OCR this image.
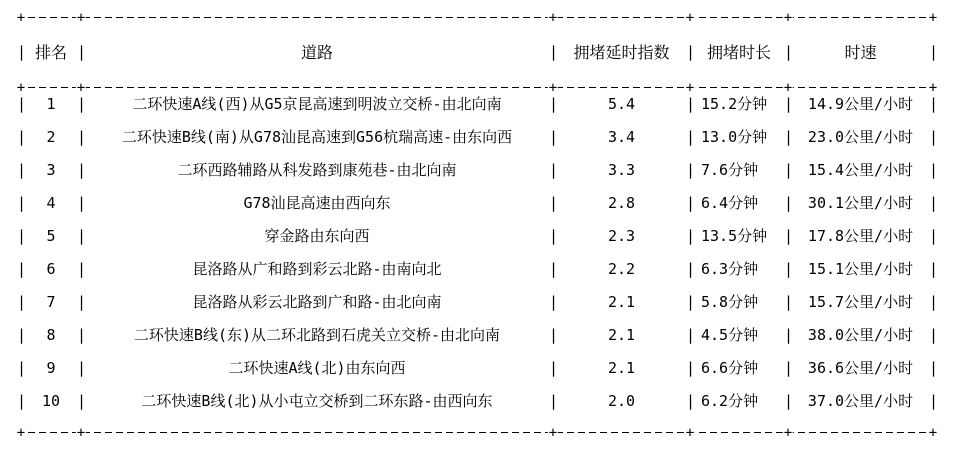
+	+	+	+	+	+
| 排名 |	道路	| 拥堵延时指数	| 拥堵时长 |	时速	|
+	+	+	+	+	+
|	1	|	二环快速A线(西)从G5京昆高速到明波立交桥-由北向南	|	5.4	| 15.2分钟	| 14.9公里/小时	|
|	2	|	二环快速B线(南)从G78汕昆高速到G56杭瑞高速-由东向西	|	3.4	| 13.0分钟	| 23.0公里/小时	|
|	3	|	二环西路辅路从科发路到康苑巷-由北向南	|	3.3	| 7.6分钟	| 15.4公里/小时	|
|	4	|	G78汕昆高速由西向东	|	2.8	| 6.4分钟	| 30.1公里/小时	|
|	5	|	穿金路由东向西	|	2.3	| 13.5分钟	| 17.8公里/小时	|
|	6	|	昆洛路从广和路到彩云北路-由南向北	|	2.2	| 6.3分钟	| 15.1公里/小时	|
|	7	|	昆洛路从彩云北路到广和路-由北向南	|	2.1	| 5.8分钟	| 15.7公里/小时	|
|	8	|	二环快速B线(东)从二环北路到石虎关立交桥-由北向南	|	2.1	| 4.5分钟	| 38.0公里/小时	|
|	9	|	二环快速A线(北)由东向西	|	2.1	| 6.6分钟	| 36.6公里/小时	|
|	10	|	二环快速B线(北)从小屯立交桥到二环东路-由西向东	|	2.0	| 6.2分钟	| 37.0公里/小时	|
+	+	+	+	+	+
